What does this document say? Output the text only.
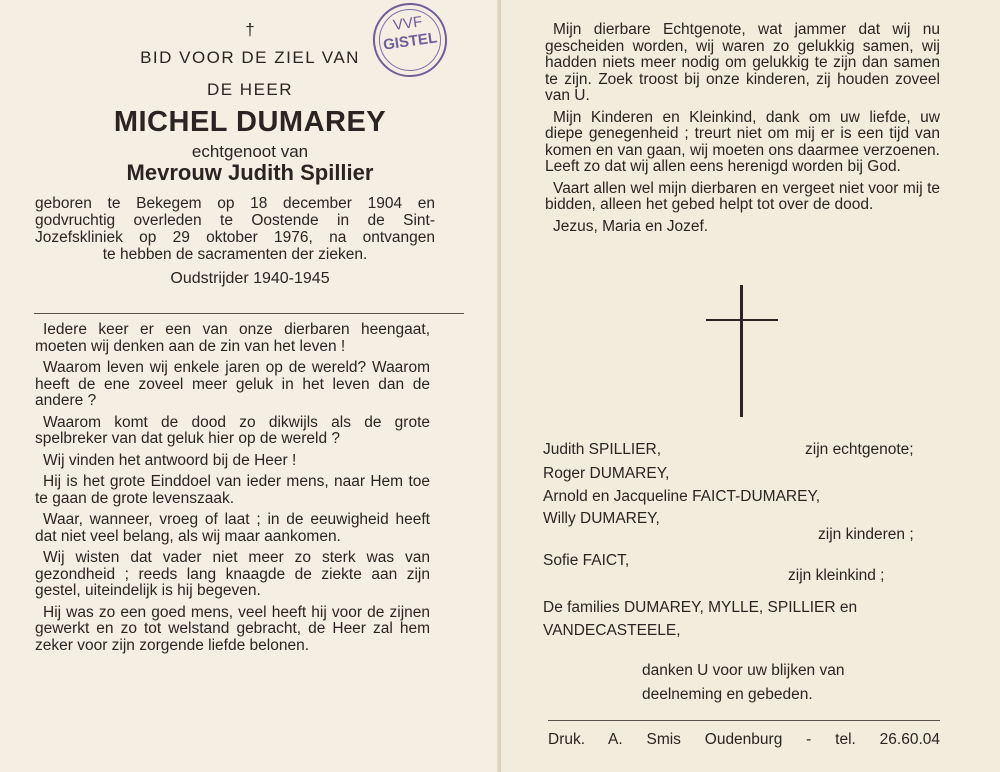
†
BID VOOR DE ZIEL VAN
DE HEER
MICHEL DUMAREY
echtgenoot van
Mevrouw Judith Spillier
geboren te Bekegem op 18 december 1904 en
godvruchtig overleden te Oostende in de Sint-
Jozefskliniek op 29 oktober 1976, na ontvangen
te hebben de sacramenten der zieken.
Oudstrijder 1940-1945
VVF
GISTEL
Iedere keer er een van onze dierbaren heengaat, moeten wij denken aan de zin van het leven !
Waarom leven wij enkele jaren op de wereld? Waarom heeft de ene zoveel meer geluk in het leven dan de andere ?
Waarom komt de dood zo dikwijls als de grote spelbreker van dat geluk hier op de wereld ?
Wij vinden het antwoord bij de Heer !
Hij is het grote Einddoel van ieder mens, naar Hem toe te gaan de grote levenszaak.
Waar, wanneer, vroeg of laat ; in de eeuwigheid heeft dat niet veel belang, als wij maar aankomen.
Wij wisten dat vader niet meer zo sterk was van gezondheid ; reeds lang knaagde de ziekte aan zijn gestel, uiteindelijk is hij begeven.
Hij was zo een goed mens, veel heeft hij voor de zijnen gewerkt en zo tot welstand gebracht, de Heer zal hem zeker voor zijn zorgende liefde belonen.
Mijn dierbare Echtgenote, wat jammer dat wij nu gescheiden worden, wij waren zo gelukkig samen, wij hadden niets meer nodig om gelukkig te zijn dan samen te zijn. Zoek troost bij onze kinderen, zij houden zoveel van U.
Mijn Kinderen en Kleinkind, dank om uw liefde, uw diepe genegenheid ; treurt niet om mij er is een tijd van komen en van gaan, wij moeten ons daarmee verzoenen. Leeft zo dat wij allen eens herenigd worden bij God.
Vaart allen wel mijn dierbaren en vergeet niet voor mij te bidden, alleen het gebed helpt tot over de dood.
Jezus, Maria en Jozef.
Judith SPILLIER,	zijn echtgenote;
Roger DUMAREY,
Arnold en Jacqueline FAICT-DUMAREY,
Willy DUMAREY,
zijn kinderen ;
Sofie FAICT,
zijn kleinkind ;
De families DUMAREY, MYLLE, SPILLIER en
VANDECASTEELE,
danken U voor uw blijken van
deelneming en gebeden.
Druk. A. Smis Oudenburg - tel. 26.60.04
